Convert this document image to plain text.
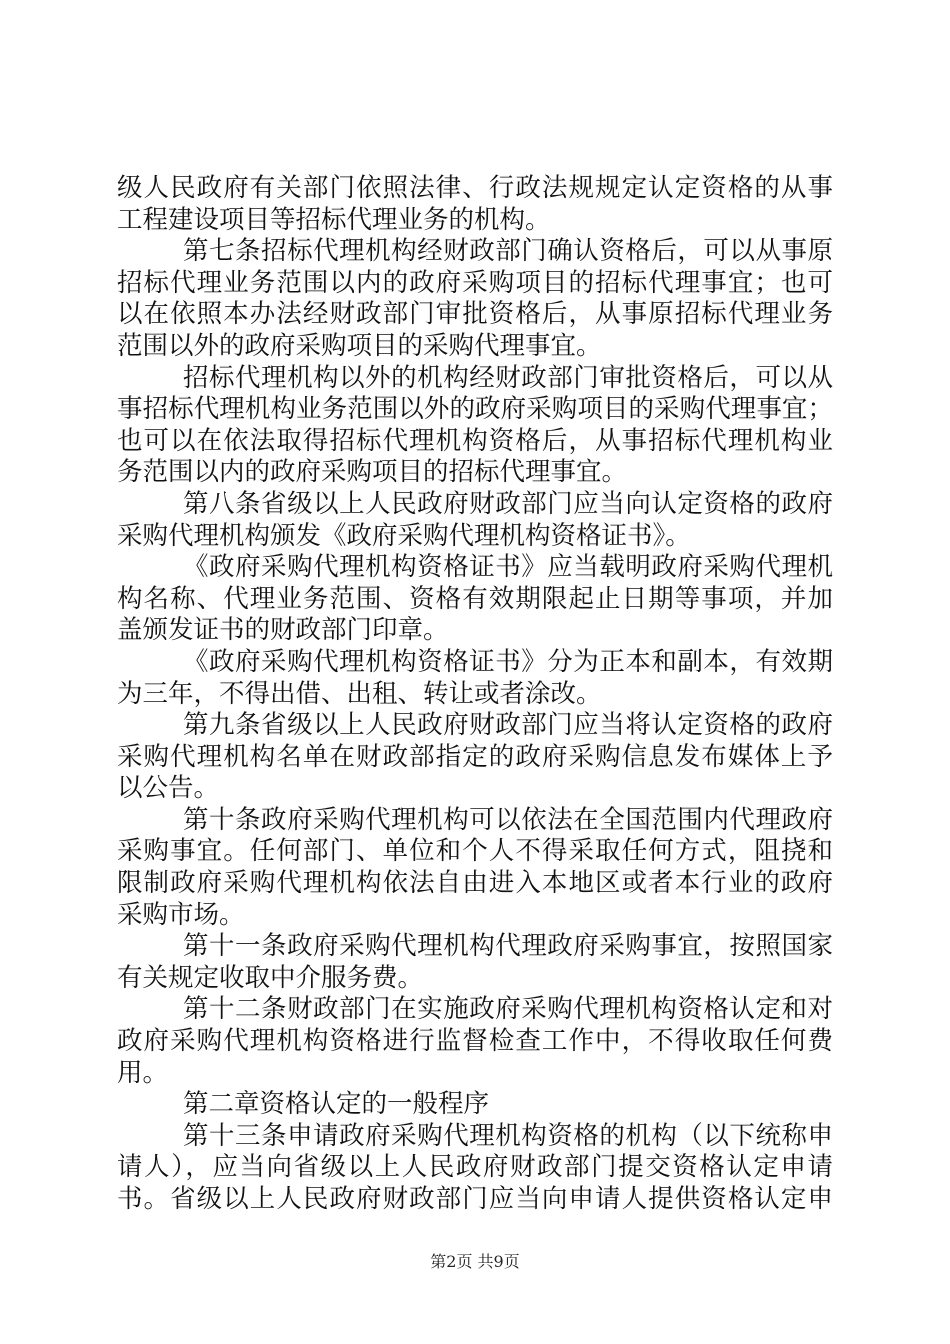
级人民政府有关部门依照法律、行政法规规定认定资格的从事
工程建设项目等招标代理业务的机构。
第七条招标代理机构经财政部门确认资格后，可以从事原
招标代理业务范围以内的政府采购项目的招标代理事宜；也可
以在依照本办法经财政部门审批资格后，从事原招标代理业务
范围以外的政府采购项目的采购代理事宜。
招标代理机构以外的机构经财政部门审批资格后，可以从
事招标代理机构业务范围以外的政府采购项目的采购代理事宜；
也可以在依法取得招标代理机构资格后，从事招标代理机构业
务范围以内的政府采购项目的招标代理事宜。
第八条省级以上人民政府财政部门应当向认定资格的政府
采购代理机构颁发《政府采购代理机构资格证书》。
《政府采购代理机构资格证书》应当载明政府采购代理机
构名称、代理业务范围、资格有效期限起止日期等事项，并加
盖颁发证书的财政部门印章。
《政府采购代理机构资格证书》分为正本和副本，有效期
为三年，不得出借、出租、转让或者涂改。
第九条省级以上人民政府财政部门应当将认定资格的政府
采购代理机构名单在财政部指定的政府采购信息发布媒体上予
以公告。
第十条政府采购代理机构可以依法在全国范围内代理政府
采购事宜。任何部门、单位和个人不得采取任何方式，阻挠和
限制政府采购代理机构依法自由进入本地区或者本行业的政府
采购市场。
第十一条政府采购代理机构代理政府采购事宜，按照国家
有关规定收取中介服务费。
第十二条财政部门在实施政府采购代理机构资格认定和对
政府采购代理机构资格进行监督检查工作中，不得收取任何费
用。
第二章资格认定的一般程序
第十三条申请政府采购代理机构资格的机构（以下统称申
请人），应当向省级以上人民政府财政部门提交资格认定申请
书。省级以上人民政府财政部门应当向申请人提供资格认定申
第2页 共9页
